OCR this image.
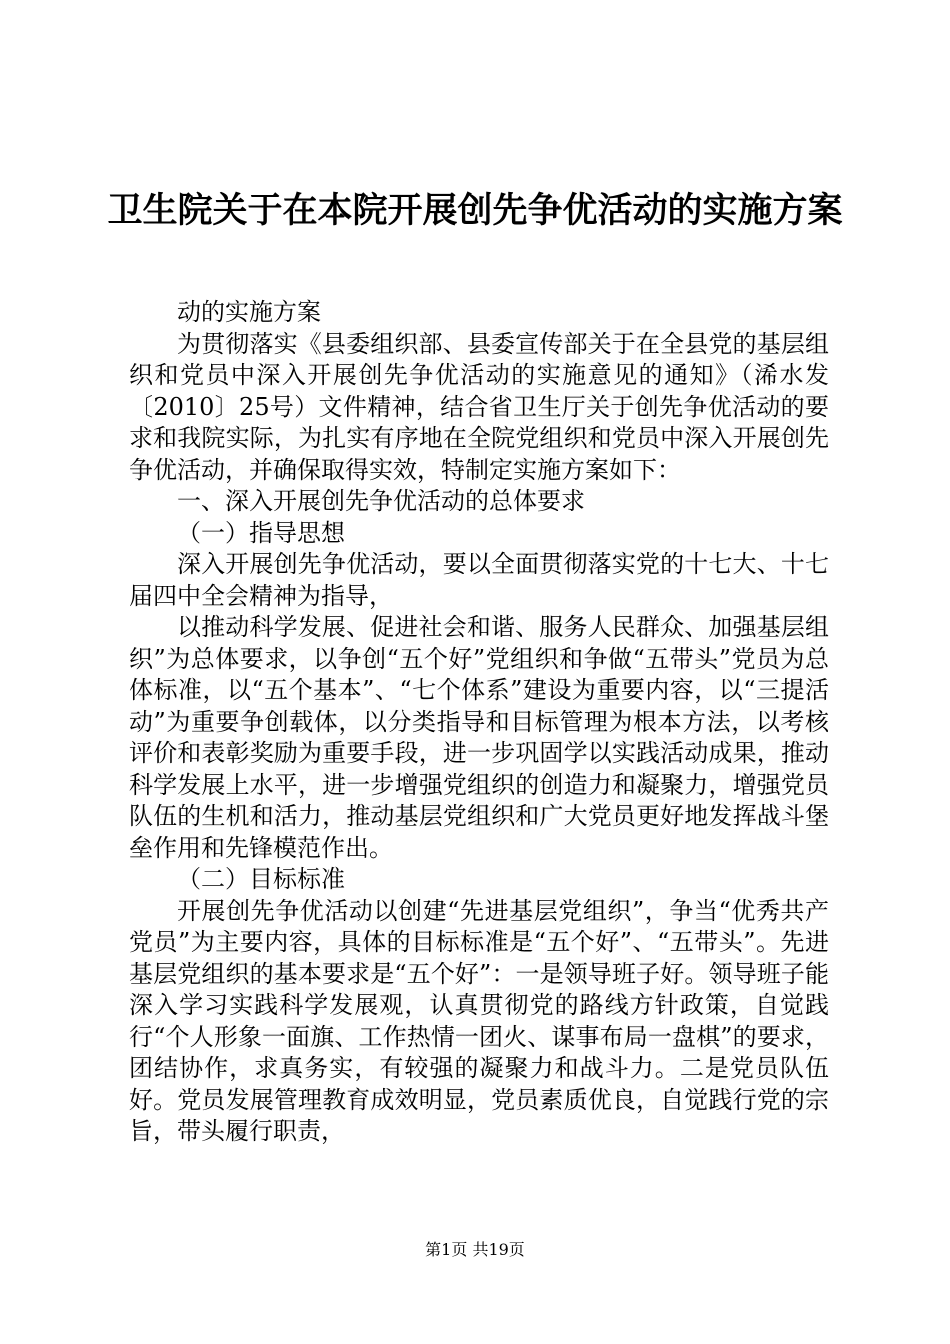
卫生院关于在本院开展创先争优活动的实施方案

动的实施方案

为贯彻落实《县委组织部、县委宣传部关于在全县党的基层组织和党员中深入开展创先争优活动的实施意见的通知》（浠水发〔2010〕25号）文件精神，结合省卫生厅关于创先争优活动的要求和我院实际，为扎实有序地在全院党组织和党员中深入开展创先争优活动，并确保取得实效，特制定实施方案如下：

一、深入开展创先争优活动的总体要求

（一）指导思想

深入开展创先争优活动，要以全面贯彻落实党的十七大、十七届四中全会精神为指导，

以推动科学发展、促进社会和谐、服务人民群众、加强基层组织”为总体要求，以争创“五个好”党组织和争做“五带头”党员为总体标准，以“五个基本”、“七个体系”建设为重要内容，以“三提活动”为重要争创载体，以分类指导和目标管理为根本方法，以考核评价和表彰奖励为重要手段，进一步巩固学以实践活动成果，推动科学发展上水平，进一步增强党组织的创造力和凝聚力，增强党员队伍的生机和活力，推动基层党组织和广大党员更好地发挥战斗堡垒作用和先锋模范作出。

（二）目标标准

开展创先争优活动以创建“先进基层党组织”，争当“优秀共产党员”为主要内容，具体的目标标准是“五个好”、“五带头”。先进基层党组织的基本要求是“五个好”：一是领导班子好。领导班子能深入学习实践科学发展观，认真贯彻党的路线方针政策，自觉践行“个人形象一面旗、工作热情一团火、谋事布局一盘棋”的要求，团结协作，求真务实，有较强的凝聚力和战斗力。二是党员队伍好。党员发展管理教育成效明显，党员素质优良，自觉践行党的宗旨，带头履行职责，

第1页 共19页
